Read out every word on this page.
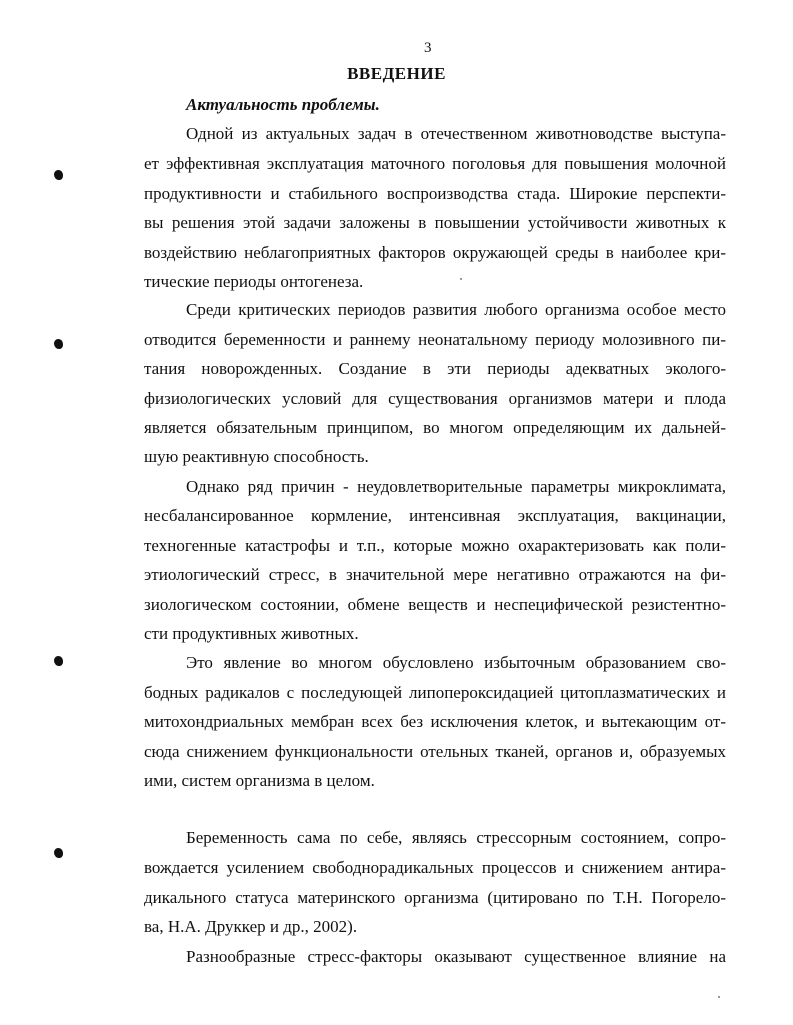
3
ВВЕДЕНИЕ
Актуальность проблемы.
Одной из актуальных задач в отечественном животноводстве выступа-
ет эффективная эксплуатация маточного поголовья для повышения молочной
продуктивности и стабильного воспроизводства стада. Широкие перспекти-
вы решения этой задачи заложены в повышении устойчивости животных к
воздействию неблагоприятных факторов окружающей среды в наиболее кри-
тические периоды онтогенеза.
Среди критических периодов развития любого организма особое место
отводится беременности и раннему неонатальному периоду молозивного пи-
тания новорожденных. Создание в эти периоды адекватных эколого-
физиологических условий для существования организмов матери и плода
является обязательным принципом, во многом определяющим их дальней-
шую реактивную способность.
Однако ряд причин - неудовлетворительные параметры микроклимата,
несбалансированное кормление, интенсивная эксплуатация, вакцинации,
техногенные катастрофы и т.п., которые можно охарактеризовать как поли-
этиологический стресс, в значительной мере негативно отражаются на фи-
зиологическом состоянии, обмене веществ и неспецифической резистентно-
сти продуктивных животных.
Это явление во многом обусловлено избыточным образованием сво-
бодных радикалов с последующей липопероксидацией цитоплазматических и
митохондриальных мембран всех без исключения клеток, и вытекающим от-
сюда снижением функциональности отельных тканей, органов и, образуемых
ими, систем организма в целом.
Беременность сама по себе, являясь стрессорным состоянием, сопро-
вождается усилением свободнорадикальных процессов и снижением антира-
дикального статуса материнского организма (цитировано по Т.Н. Погорело-
ва, Н.А. Друккер и др., 2002).
Разнообразные стресс-факторы оказывают существенное влияние на
